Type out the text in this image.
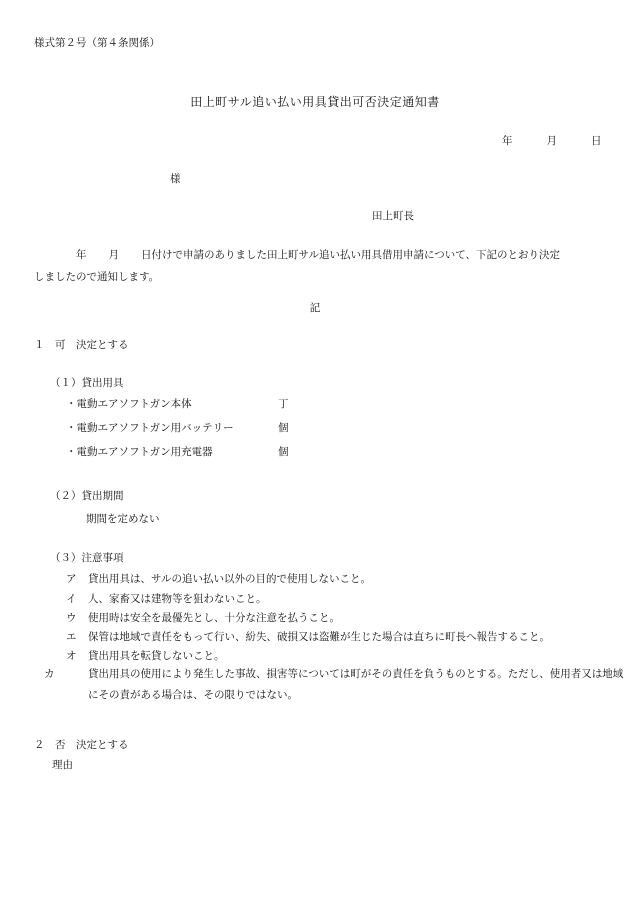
様式第２号（第４条関係）
田上町サル追い払い用具貸出可否決定通知書
年	月	日
様
田上町長
年 月 日付けで申請のありました田上町サル追い払い用具借用申請について、下記のとおり決定
しましたので通知します。
記
１　可　決定とする
（１）貸出用具
・電動エアソフトガン本体	丁
・電動エアソフトガン用バッテリー	個
・電動エアソフトガン用充電器	個
（２）貸出期間
期間を定めない
（３）注意事項
ア 貸出用具は、サルの追い払い以外の目的で使用しないこと。
イ 人、家畜又は建物等を狙わないこと。
ウ 使用時は安全を最優先とし、十分な注意を払うこと。
エ 保管は地域で責任をもって行い、紛失、破損又は盗難が生じた場合は直ちに町長へ報告すること。
オ 貸出用具を転貸しないこと。
カ	貸出用具の使用により発生した事故、損害等については町がその責任を負うものとする。ただし、使用者又は地域にその責がある場合は、その限りではない。
２　否　決定とする
理由
